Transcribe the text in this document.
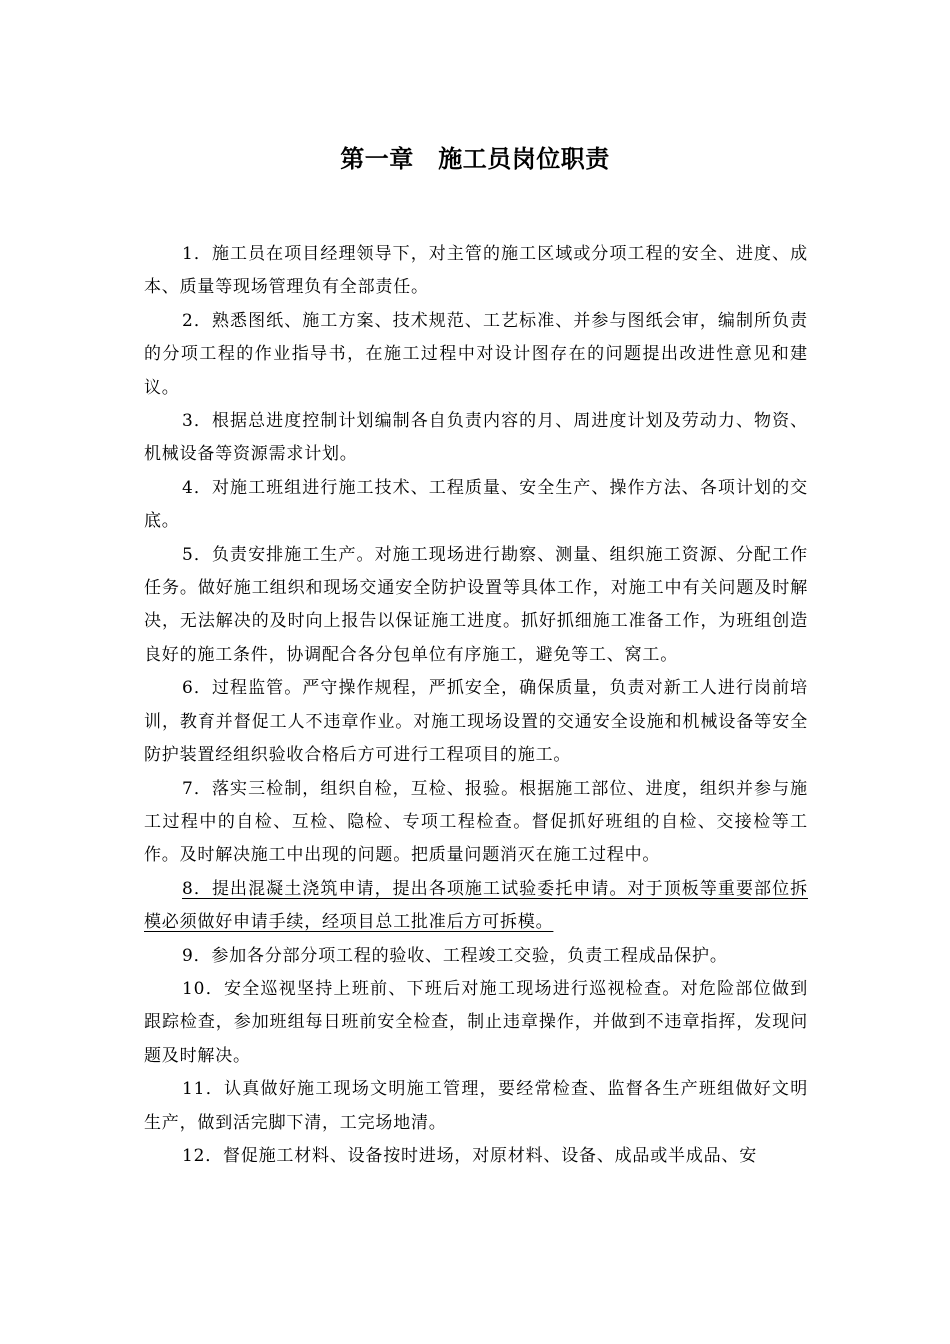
第一章　施工员岗位职责

1．施工员在项目经理领导下，对主管的施工区域或分项工程的安全、进度、成本、质量等现场管理负有全部责任。

2．熟悉图纸、施工方案、技术规范、工艺标准、并参与图纸会审，编制所负责的分项工程的作业指导书，在施工过程中对设计图存在的问题提出改进性意见和建议。

3．根据总进度控制计划编制各自负责内容的月、周进度计划及劳动力、物资、机械设备等资源需求计划。

4．对施工班组进行施工技术、工程质量、安全生产、操作方法、各项计划的交底。

5．负责安排施工生产。对施工现场进行勘察、测量、组织施工资源、分配工作任务。做好施工组织和现场交通安全防护设置等具体工作，对施工中有关问题及时解决，无法解决的及时向上报告以保证施工进度。抓好抓细施工准备工作，为班组创造良好的施工条件，协调配合各分包单位有序施工，避免等工、窝工。

6．过程监管。严守操作规程，严抓安全，确保质量，负责对新工人进行岗前培训，教育并督促工人不违章作业。对施工现场设置的交通安全设施和机械设备等安全防护装置经组织验收合格后方可进行工程项目的施工。

7．落实三检制，组织自检，互检、报验。根据施工部位、进度，组织并参与施工过程中的自检、互检、隐检、专项工程检查。督促抓好班组的自检、交接检等工作。及时解决施工中出现的问题。把质量问题消灭在施工过程中。

8．提出混凝土浇筑申请，提出各项施工试验委托申请。对于顶板等重要部位拆模必须做好申请手续，经项目总工批准后方可拆模。

9．参加各分部分项工程的验收、工程竣工交验，负责工程成品保护。

10．安全巡视坚持上班前、下班后对施工现场进行巡视检查。对危险部位做到跟踪检查，参加班组每日班前安全检查，制止违章操作，并做到不违章指挥，发现问题及时解决。

11．认真做好施工现场文明施工管理，要经常检查、监督各生产班组做好文明生产，做到活完脚下清，工完场地清。

12．督促施工材料、设备按时进场，对原材料、设备、成品或半成品、安
